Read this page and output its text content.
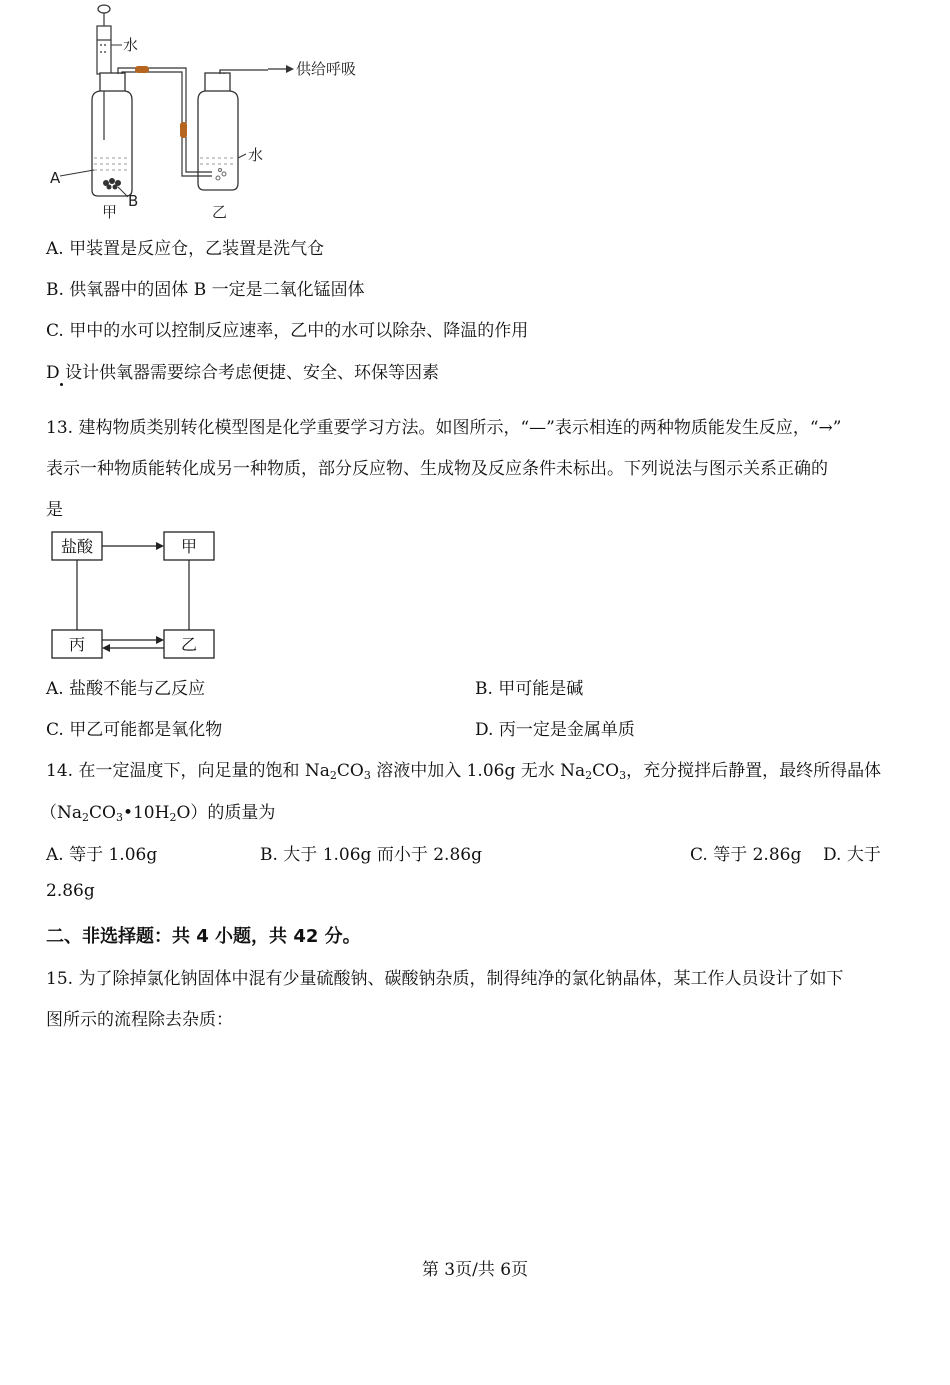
水
A
B
甲
水
乙
供给呼吸
A. 甲装置是反应仓，乙装置是洗气仓
B. 供氧器中的固体 B 一定是二氧化锰固体
C. 甲中的水可以控制反应速率，乙中的水可以除杂、降温的作用
D 设计供氧器需要综合考虑便捷、安全、环保等因素
13. 建构物质类别转化模型图是化学重要学习方法。如图所示，“—”表示相连的两种物质能发生反应，“→”
表示一种物质能转化成另一种物质，部分反应物、生成物及反应条件未标出。下列说法与图示关系正确的
是
盐酸	甲
丙	乙
A. 盐酸不能与乙反应	B. 甲可能是碱
C. 甲乙可能都是氧化物	D. 丙一定是金属单质
14. 在一定温度下，向足量的饱和 $Na_2CO_3$ 溶液中加入 1.06g 无水 $Na_2CO_3$，充分搅拌后静置，最终所得晶体
$(Na_2CO_3•10H_2O)$的质量为
A. 等于 1.06g	B. 大于 1.06g 而小于 2.86g	C. 等于 2.86g D. 大于
2.86g
二、非选择题：共 4 小题，共 42 分。
15. 为了除掉氯化钠固体中混有少量硫酸钠、碳酸钠杂质，制得纯净的氯化钠晶体，某工作人员设计了如下
图所示的流程除去杂质：
第 3页/共 6页
